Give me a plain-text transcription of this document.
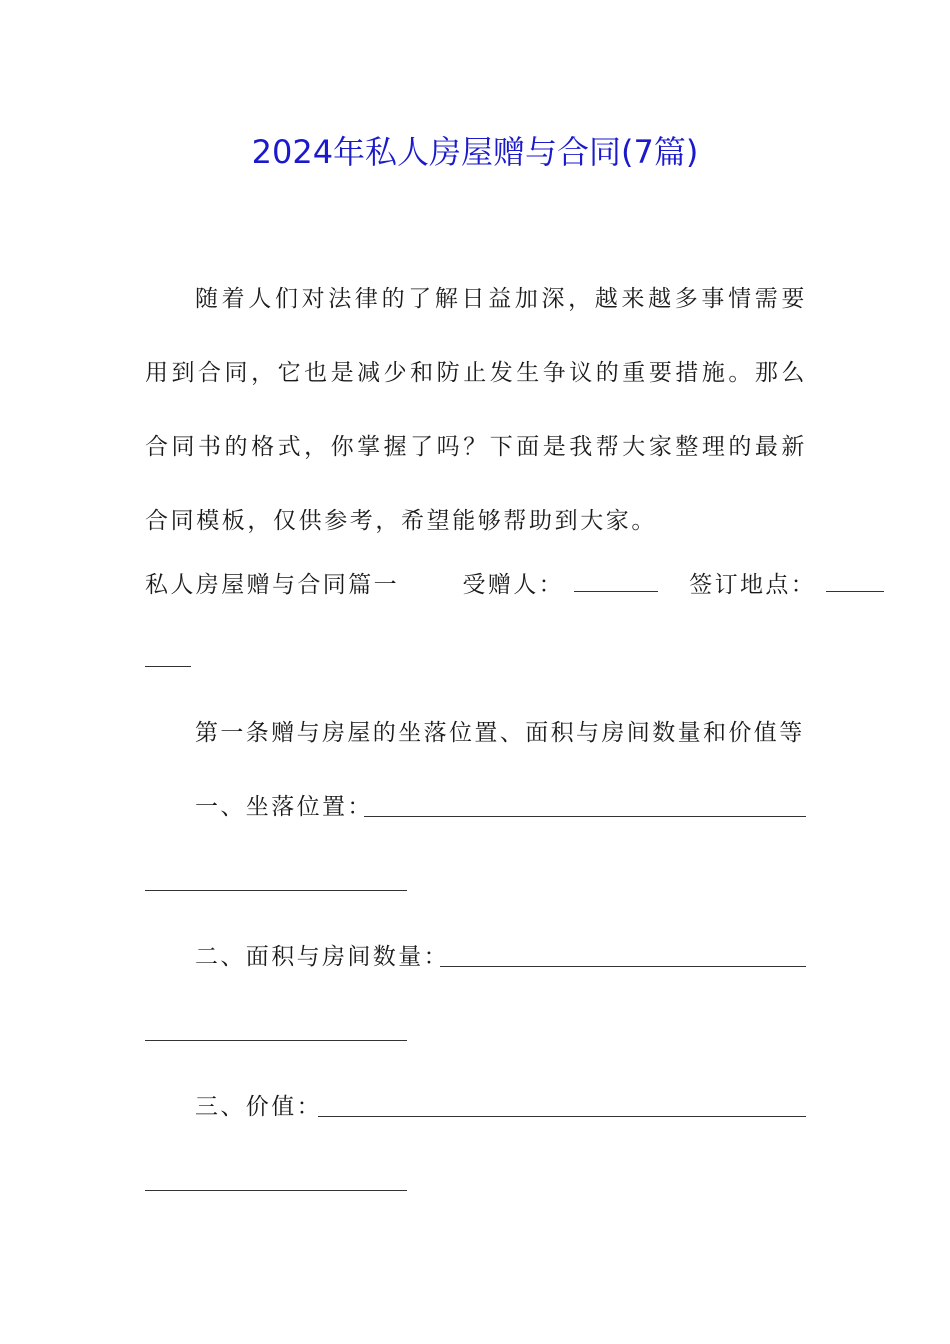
2024年私人房屋赠与合同(7篇)

随着人们对法律的了解日益加深，越来越多事情需要用到合同，它也是减少和防止发生争议的重要措施。那么合同书的格式，你掌握了吗？下面是我帮大家整理的最新合同模板，仅供参考，希望能够帮助到大家。

私人房屋赠与合同篇一	受赠人：	签订地点：
第一条赠与房屋的坐落位置、面积与房间数量和价值等
一、坐落位置：
二、面积与房间数量：
三、价值：
